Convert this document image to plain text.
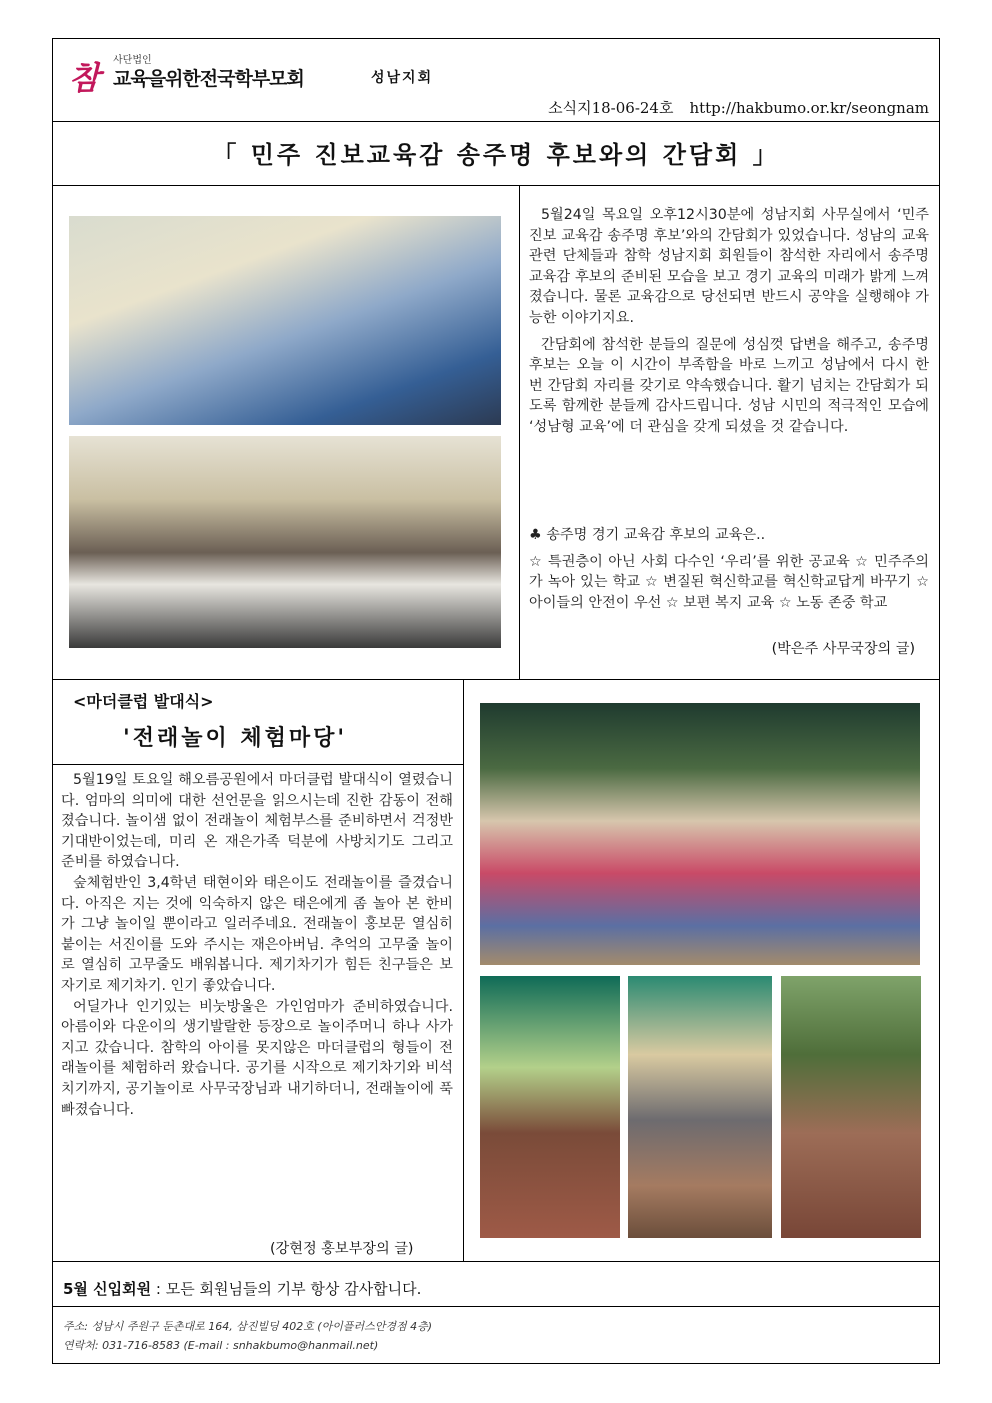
참	사단법인
교육을위한전국학부모회	성남지회
소식지18-06-24호 http://hakbumo.or.kr/seongnam
「 민주 진보교육감 송주명 후보와의 간담회 」

5월24일 목요일 오후12시30분에 성남지회 사무실에서 ‘민주진보 교육감 송주명 후보’와의 간담회가 있었습니다. 성남의 교육 관련 단체들과 참학 성남지회 회원들이 참석한 자리에서 송주명 교육감 후보의 준비된 모습을 보고 경기 교육의 미래가 밝게 느껴졌습니다. 물론 교육감으로 당선되면 반드시 공약을 실행해야 가능한 이야기지요.

간담회에 참석한 분들의 질문에 성심껏 답변을 해주고, 송주명 후보는 오늘 이 시간이 부족함을 바로 느끼고 성남에서 다시 한 번 간담회 자리를 갖기로 약속했습니다. 활기 넘치는 간담회가 되도록 함께한 분들께 감사드립니다. 성남 시민의 적극적인 모습에 ‘성남형 교육’에 더 관심을 갖게 되셨을 것 같습니다.

♣ 송주명 경기 교육감 후보의 교육은..
☆ 특권층이 아닌 사회 다수인 ‘우리’를 위한 공교육 ☆ 민주주의가 녹아 있는 학교 ☆ 변질된 혁신학교를 혁신학교답게 바꾸기 ☆ 아이들의 안전이 우선 ☆ 보편 복지 교육 ☆ 노동 존중 학교
(박은주 사무국장의 글)
<마더클럽 발대식>
'전래놀이 체험마당'

5월19일 토요일 해오름공원에서 마더클럽 발대식이 열렸습니다. 엄마의 의미에 대한 선언문을 읽으시는데 진한 감동이 전해졌습니다. 놀이샘 없이 전래놀이 체험부스를 준비하면서 걱정반 기대반이었는데, 미리 온 재은가족 덕분에 사방치기도 그리고 준비를 하였습니다.

숲체험반인 3,4학년 태현이와 태은이도 전래놀이를 즐겼습니다. 아직은 지는 것에 익숙하지 않은 태은에게 좀 놀아 본 한비가 그냥 놀이일 뿐이라고 일러주네요. 전래놀이 홍보문 열심히 붙이는 서진이를 도와 주시는 재은아버님. 추억의 고무줄 놀이로 열심히 고무줄도 배워봅니다. 제기차기가 힘든 친구들은 보자기로 제기차기. 인기 좋았습니다.

어딜가나 인기있는 비눗방울은 가인엄마가 준비하였습니다. 아름이와 다운이의 생기발랄한 등장으로 놀이주머니 하나 사가지고 갔습니다. 참학의 아이를 못지않은 마더클럽의 형들이 전래놀이를 체험하러 왔습니다. 공기를 시작으로 제기차기와 비석치기까지, 공기놀이로 사무국장님과 내기하더니, 전래놀이에 푹 빠졌습니다.

(강현정 홍보부장의 글)
5월 신입회원 : 모든 회원님들의 기부 항상 감사합니다.
주소: 성남시 주원구 둔촌대로 164, 삼진빌딩 402호 (아이플러스안경점 4층)
연락처: 031-716-8583 (E-mail : snhakbumo@hanmail.net)
